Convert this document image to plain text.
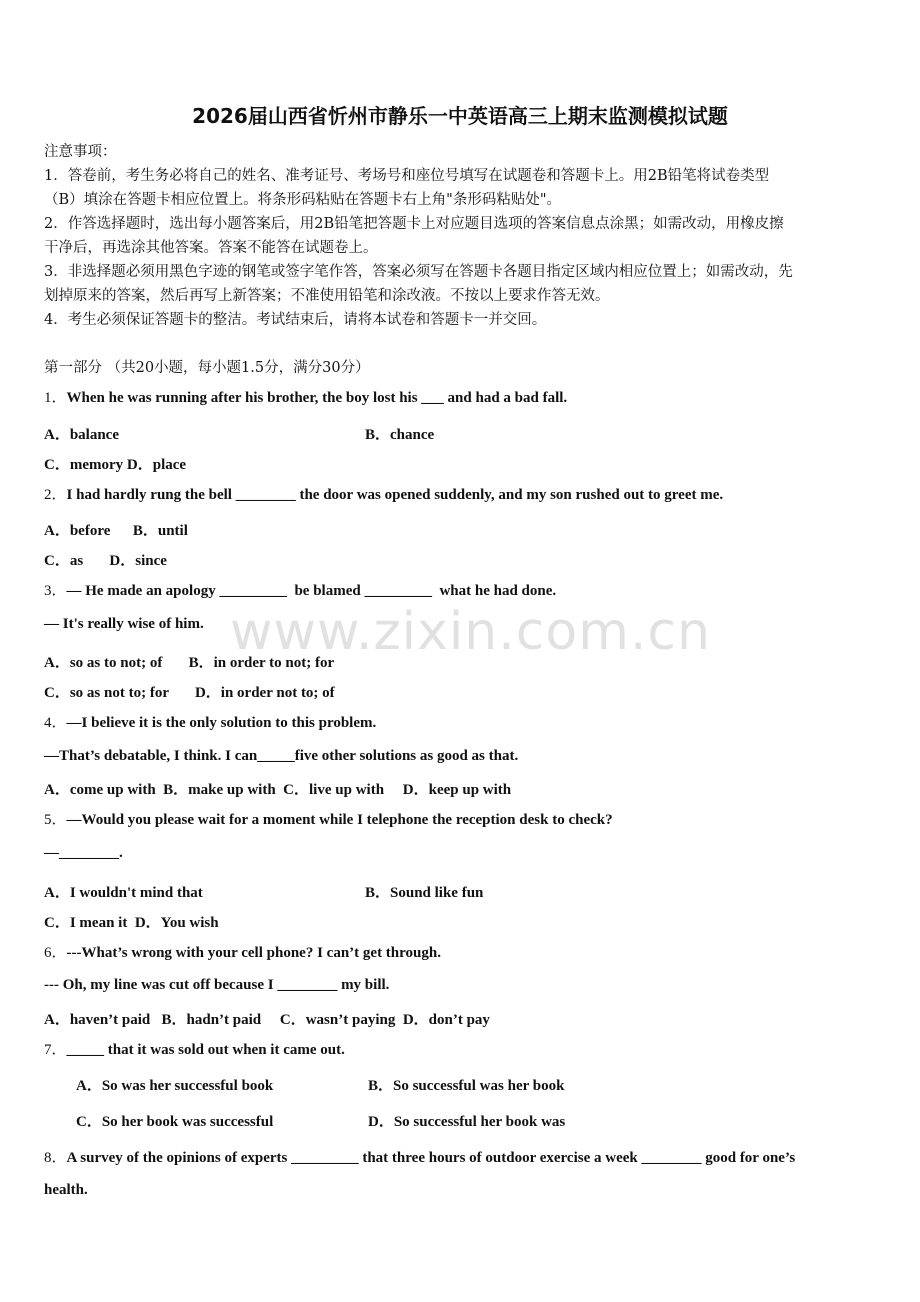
2026届山西省忻州市静乐一中英语高三上期末监测模拟试题
注意事项：
1．答卷前，考生务必将自己的姓名、准考证号、考场号和座位号填写在试题卷和答题卡上。用2B铅笔将试卷类型
（B）填涂在答题卡相应位置上。将条形码粘贴在答题卡右上角"条形码粘贴处"。
2．作答选择题时，选出每小题答案后，用2B铅笔把答题卡上对应题目选项的答案信息点涂黑；如需改动，用橡皮擦
干净后，再选涂其他答案。答案不能答在试题卷上。
3．非选择题必须用黑色字迹的钢笔或签字笔作答，答案必须写在答题卡各题目指定区域内相应位置上；如需改动，先
划掉原来的答案，然后再写上新答案；不准使用铅笔和涂改液。不按以上要求作答无效。
4．考生必须保证答题卡的整洁。考试结束后，请将本试卷和答题卡一并交回。
第一部分 （共20小题，每小题1.5分，满分30分）
1．When he was running after his brother, the boy lost his ___ and had a bad fall.
A．balance	B．chance
C．memory D．place
2．I had hardly rung the bell ________ the door was opened suddenly, and my son rushed out to greet me.
A．before      B．until
C．as       D．since
3．— He made an apology _________  be blamed _________  what he had done.
— It's really wise of him.
A．so as to not; of       B．in order to not; for
C．so as not to; for       D．in order not to; of
4．—I believe it is the only solution to this problem.
—That’s debatable, I think. I can_____five other solutions as good as that.
A．come up with  B．make up with  C．live up with     D．keep up with
5．—Would you please wait for a moment while I telephone the reception desk to check?
—________.
A．I wouldn't mind that	B．Sound like fun
C．I mean it  D．You wish
6．---What’s wrong with your cell phone? I can’t get through.
--- Oh, my line was cut off because I ________ my bill.
A．haven’t paid   B．hadn’t paid     C．wasn’t paying  D．don’t pay
7．_____ that it was sold out when it came out.
A．So was her successful book	B．So successful was her book
C．So her book was successful	D．So successful her book was
8．A survey of the opinions of experts _________ that three hours of outdoor exercise a week ________ good for one’s
health.
www.zixin.com.cn
